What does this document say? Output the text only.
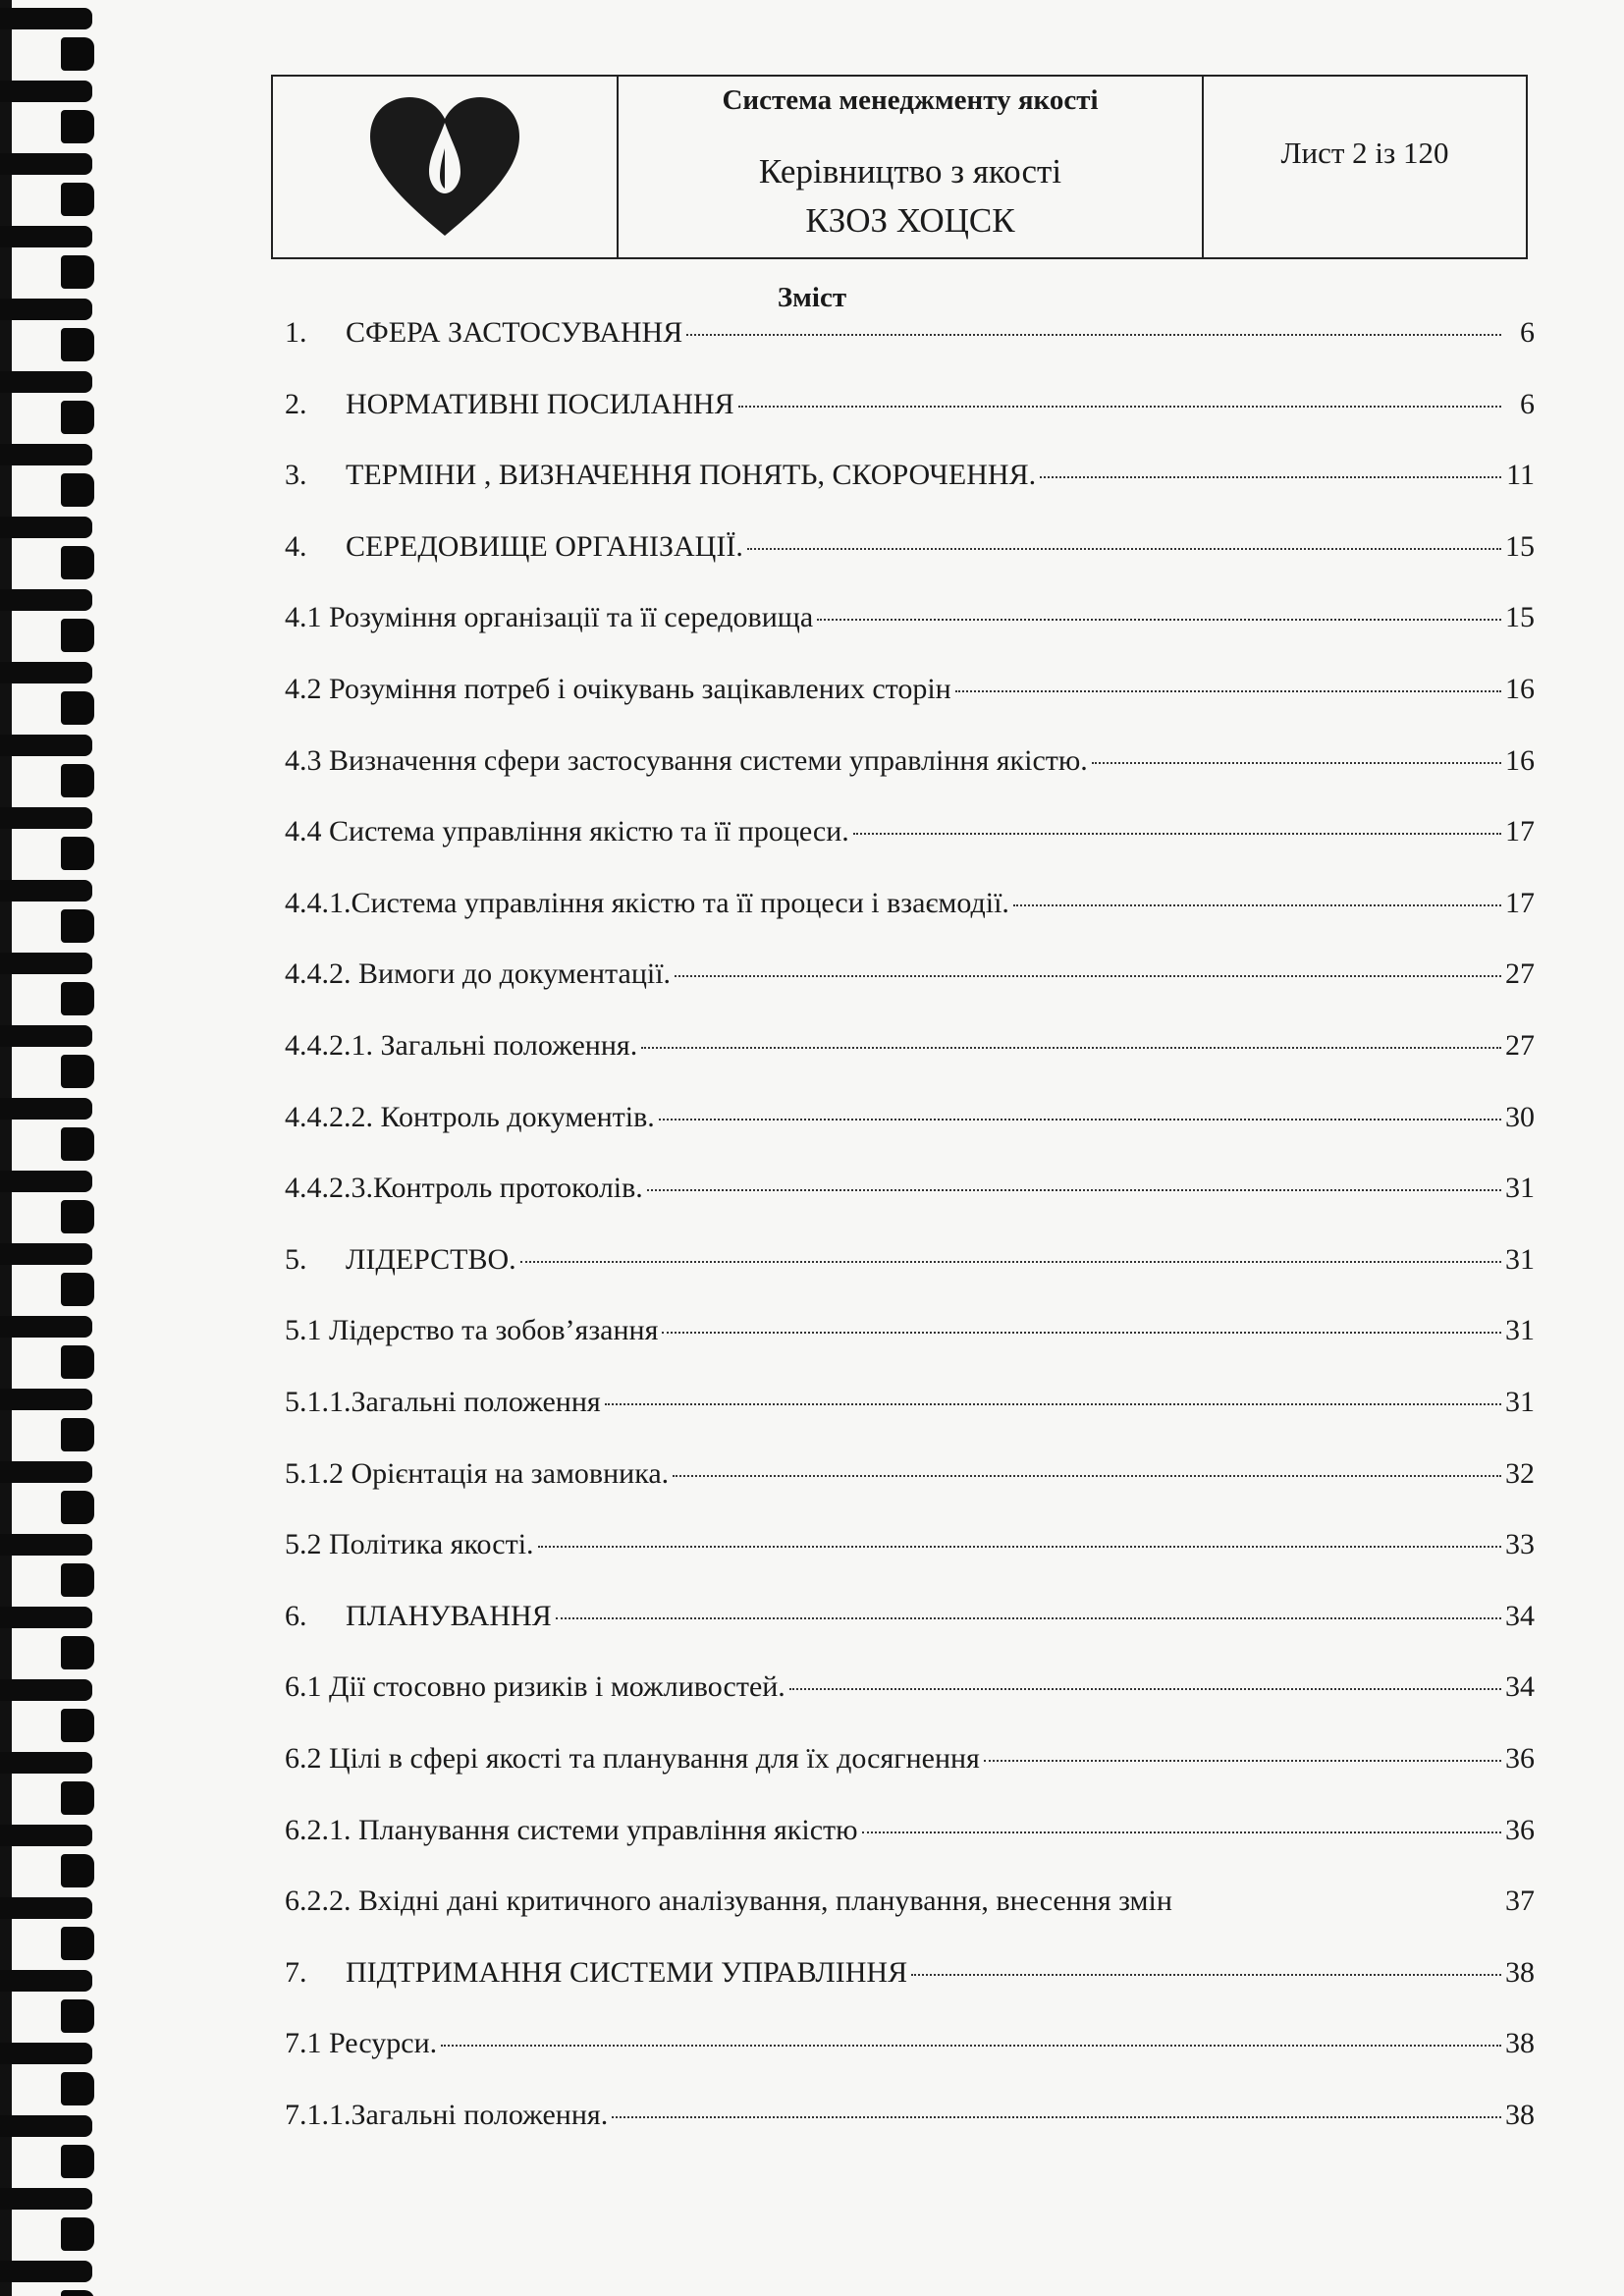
Система менеджменту якості
Керівництво з якості
КЗОЗ ХОЦСК
Лист 2 із 120
Зміст
1.	СФЕРА ЗАСТОСУВАННЯ	6
2.	НОРМАТИВНІ ПОСИЛАННЯ	6
3.	ТЕРМІНИ , ВИЗНАЧЕННЯ ПОНЯТЬ, СКОРОЧЕННЯ.	11
4.	СЕРЕДОВИЩЕ ОРГАНІЗАЦІЇ.	15
4.1 Розуміння організації та її середовища	15
4.2 Розуміння потреб і очікувань зацікавлених сторін	16
4.3 Визначення сфери застосування системи управління якістю.	16
4.4 Система управління якістю та її процеси.	17
4.4.1.Система управління якістю та її процеси і взаємодії.	17
4.4.2. Вимоги до документації.	27
4.4.2.1. Загальні положення.	27
4.4.2.2. Контроль документів.	30
4.4.2.3.Контроль протоколів.	31
5.	ЛІДЕРСТВО.	31
5.1 Лідерство та зобов’язання	31
5.1.1.Загальні положення	31
5.1.2 Орієнтація на замовника.	32
5.2 Політика якості.	33
6.	ПЛАНУВАННЯ	34
6.1 Дії стосовно ризиків і можливостей.	34
6.2 Цілі в сфері якості та планування для їх досягнення	36
6.2.1. Планування системи управління якістю	36
6.2.2. Вхідні дані критичного аналізування, планування, внесення змін	37
7.	ПІДТРИМАННЯ СИСТЕМИ УПРАВЛІННЯ	38
7.1 Ресурси.	38
7.1.1.Загальні положення.	38
